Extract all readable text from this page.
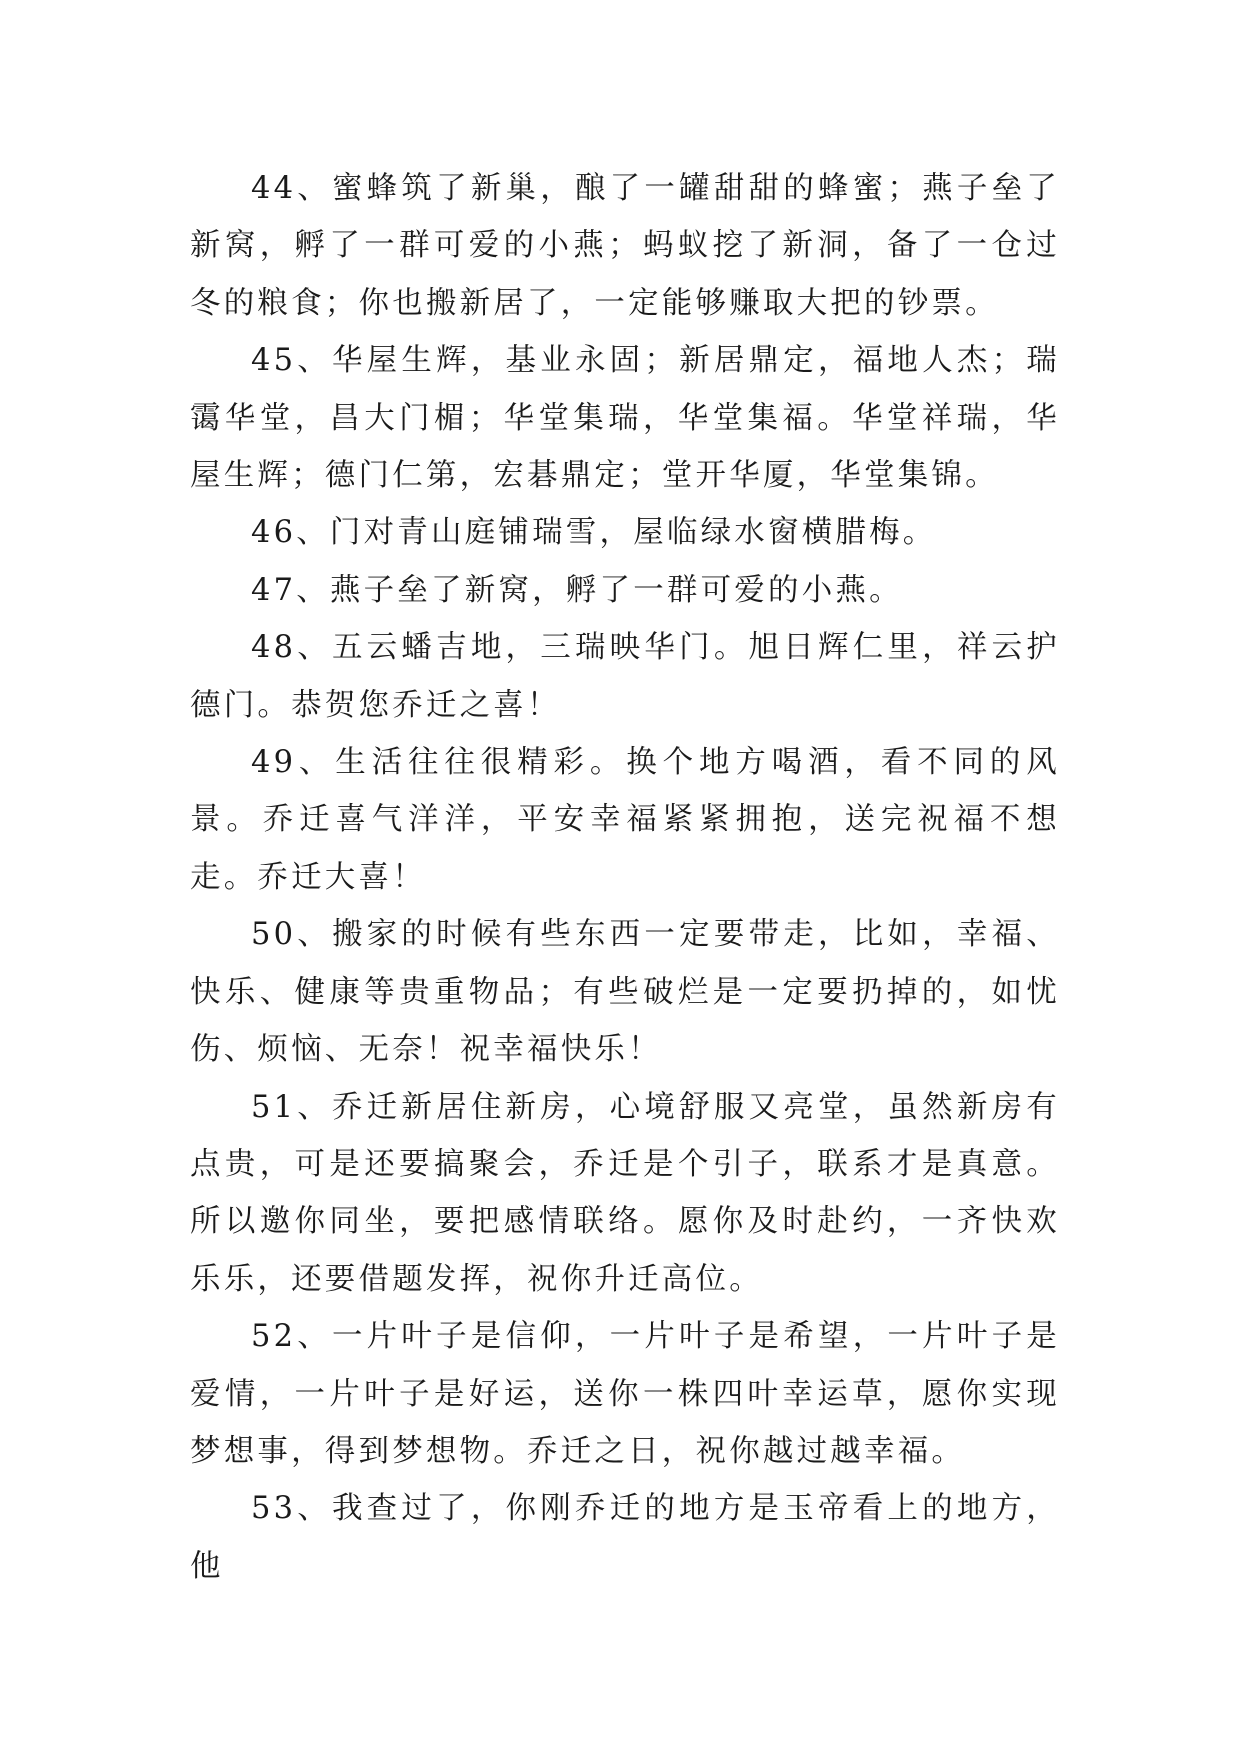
44、蜜蜂筑了新巢，酿了一罐甜甜的蜂蜜；燕子垒了新窝，孵了一群可爱的小燕；蚂蚁挖了新洞，备了一仓过冬的粮食；你也搬新居了，一定能够赚取大把的钞票。

45、华屋生辉，基业永固；新居鼎定，福地人杰；瑞霭华堂，昌大门楣；华堂集瑞，华堂集福。华堂祥瑞，华屋生辉；德门仁第，宏碁鼎定；堂开华厦，华堂集锦。

46、门对青山庭铺瑞雪，屋临绿水窗横腊梅。

47、燕子垒了新窝，孵了一群可爱的小燕。

48、五云蟠吉地，三瑞映华门。旭日辉仁里，祥云护德门。恭贺您乔迁之喜！

49、生活往往很精彩。换个地方喝酒，看不同的风景。乔迁喜气洋洋，平安幸福紧紧拥抱，送完祝福不想走。乔迁大喜！

50、搬家的时候有些东西一定要带走，比如，幸福、快乐、健康等贵重物品；有些破烂是一定要扔掉的，如忧伤、烦恼、无奈！祝幸福快乐！

51、乔迁新居住新房，心境舒服又亮堂，虽然新房有点贵，可是还要搞聚会，乔迁是个引子，联系才是真意。所以邀你同坐，要把感情联络。愿你及时赴约，一齐快欢乐乐，还要借题发挥，祝你升迁高位。

52、一片叶子是信仰，一片叶子是希望，一片叶子是爱情，一片叶子是好运，送你一株四叶幸运草，愿你实现梦想事，得到梦想物。乔迁之日，祝你越过越幸福。

53、我查过了，你刚乔迁的地方是玉帝看上的地方，他
